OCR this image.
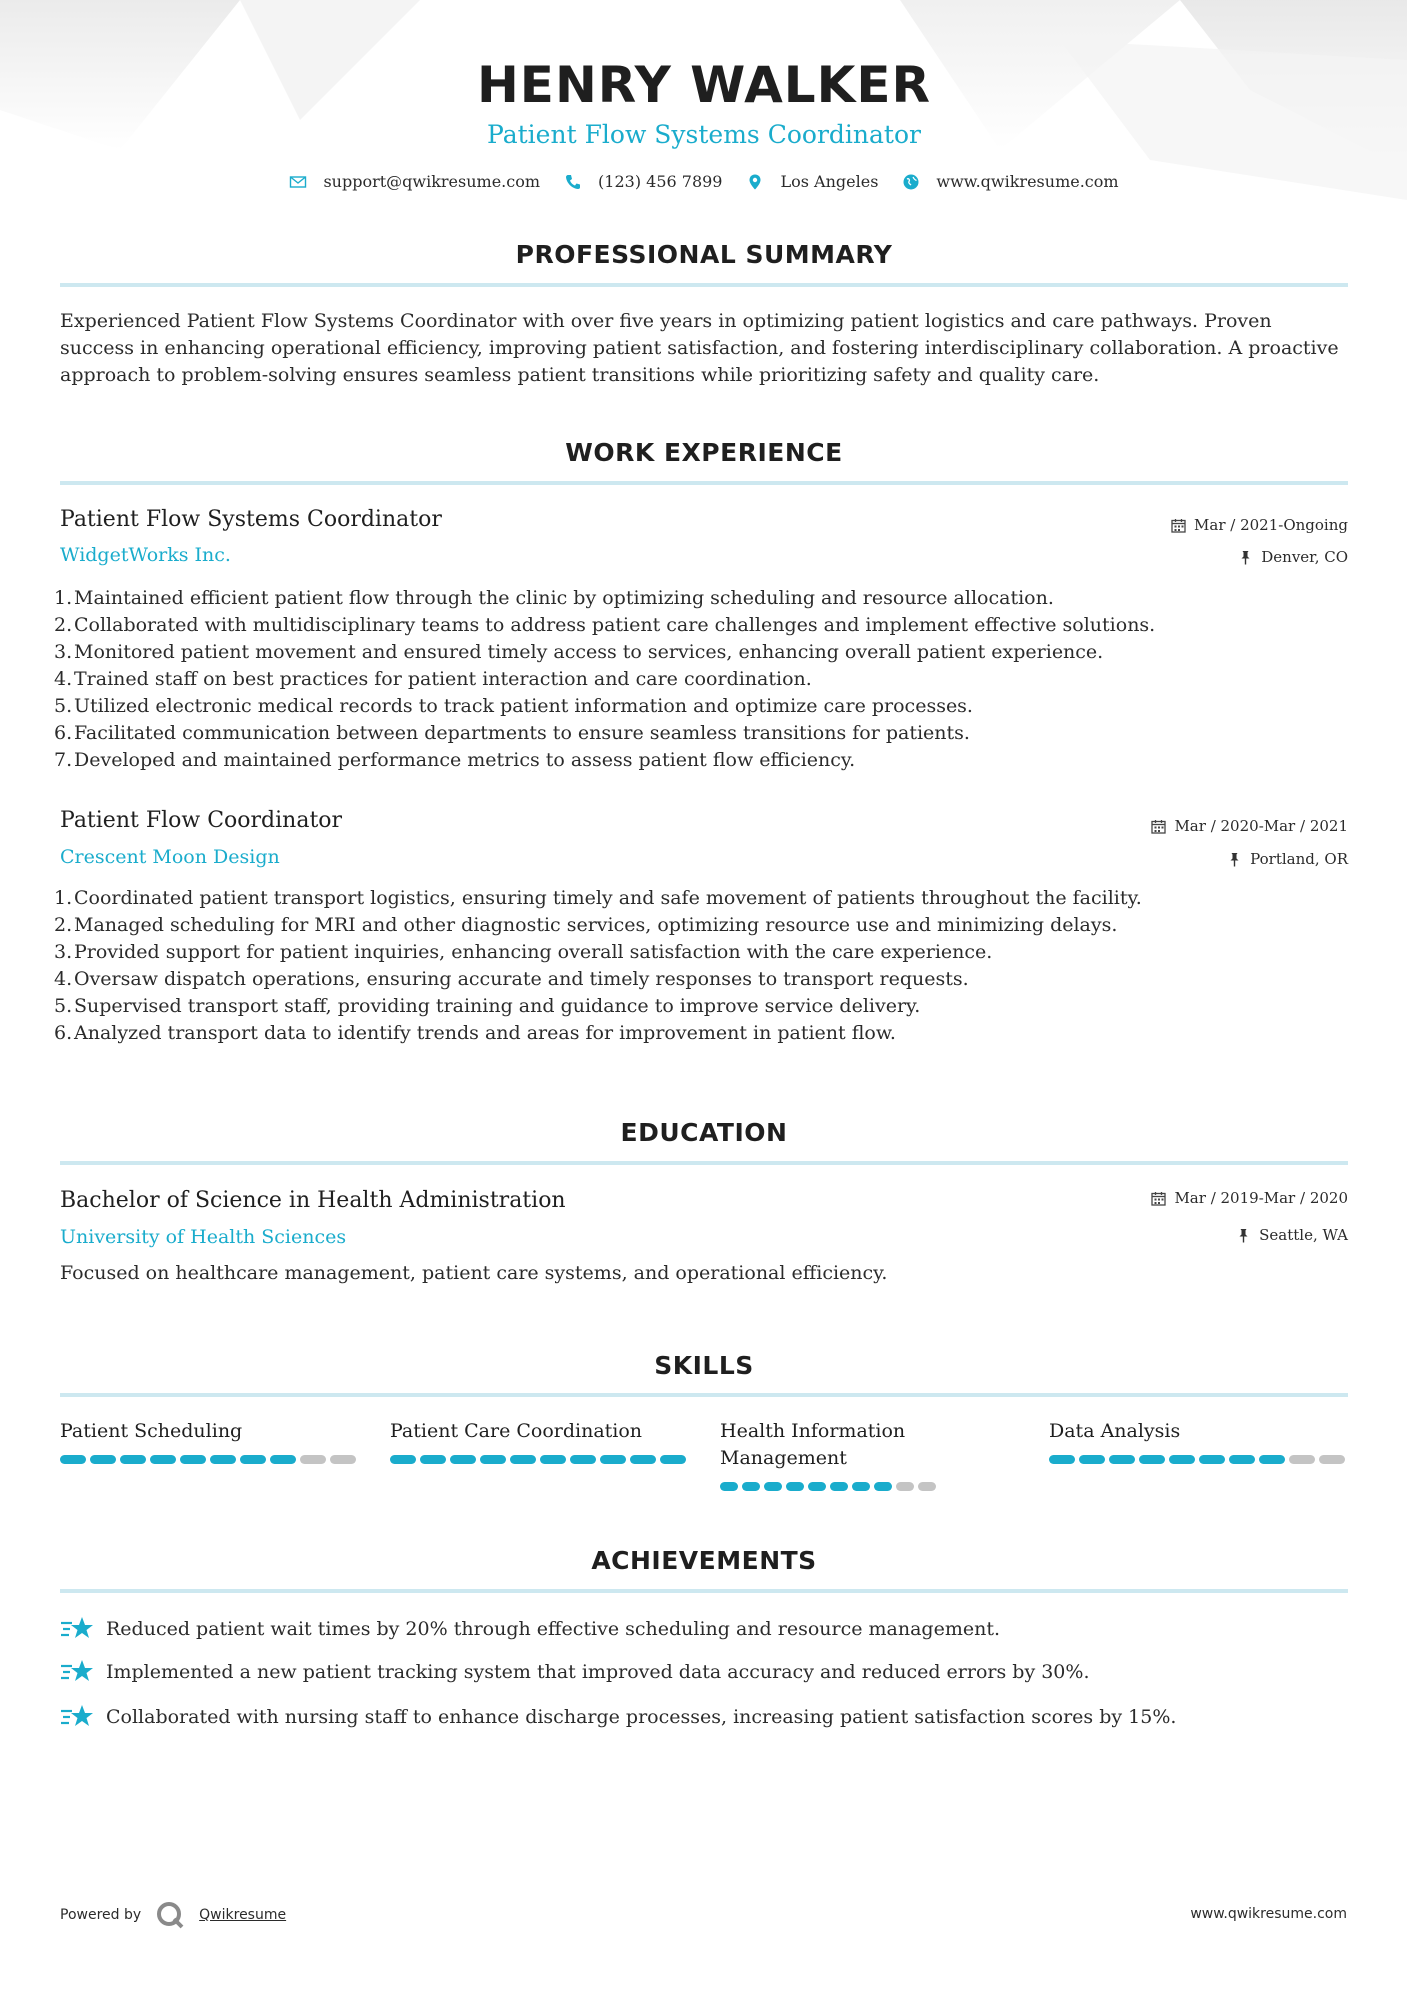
HENRY WALKER
Patient Flow Systems Coordinator
support@qwikresume.com	(123) 456 7899	Los Angeles	www.qwikresume.com
PROFESSIONAL SUMMARY

Experienced Patient Flow Systems Coordinator with over five years in optimizing patient logistics and care pathways. Proven success in enhancing operational efficiency, improving patient satisfaction, and fostering interdisciplinary collaboration. A proactive approach to problem-solving ensures seamless patient transitions while prioritizing safety and quality care.

WORK EXPERIENCE
Patient Flow Systems Coordinator
WidgetWorks Inc.
Mar / 2021-Ongoing
Denver, CO
1.Maintained efficient patient flow through the clinic by optimizing scheduling and resource allocation.
2.Collaborated with multidisciplinary teams to address patient care challenges and implement effective solutions.
3.Monitored patient movement and ensured timely access to services, enhancing overall patient experience.
4.Trained staff on best practices for patient interaction and care coordination.
5.Utilized electronic medical records to track patient information and optimize care processes.
6.Facilitated communication between departments to ensure seamless transitions for patients.
7.Developed and maintained performance metrics to assess patient flow efficiency.
Patient Flow Coordinator
Crescent Moon Design
Mar / 2020-Mar / 2021
Portland, OR
1.Coordinated patient transport logistics, ensuring timely and safe movement of patients throughout the facility.
2.Managed scheduling for MRI and other diagnostic services, optimizing resource use and minimizing delays.
3.Provided support for patient inquiries, enhancing overall satisfaction with the care experience.
4.Oversaw dispatch operations, ensuring accurate and timely responses to transport requests.
5.Supervised transport staff, providing training and guidance to improve service delivery.
6.Analyzed transport data to identify trends and areas for improvement in patient flow.
EDUCATION
Bachelor of Science in Health Administration
University of Health Sciences
Mar / 2019-Mar / 2020
Seattle, WA
Focused on healthcare management, patient care systems, and operational efficiency.
SKILLS
Patient Scheduling	Patient Care Coordination	Health Information Management
Data Analysis
ACHIEVEMENTS
Reduced patient wait times by 20% through effective scheduling and resource management.
Implemented a new patient tracking system that improved data accuracy and reduced errors by 30%.
Collaborated with nursing staff to enhance discharge processes, increasing patient satisfaction scores by 15%.
Powered by	Qwikresume	www.qwikresume.com
